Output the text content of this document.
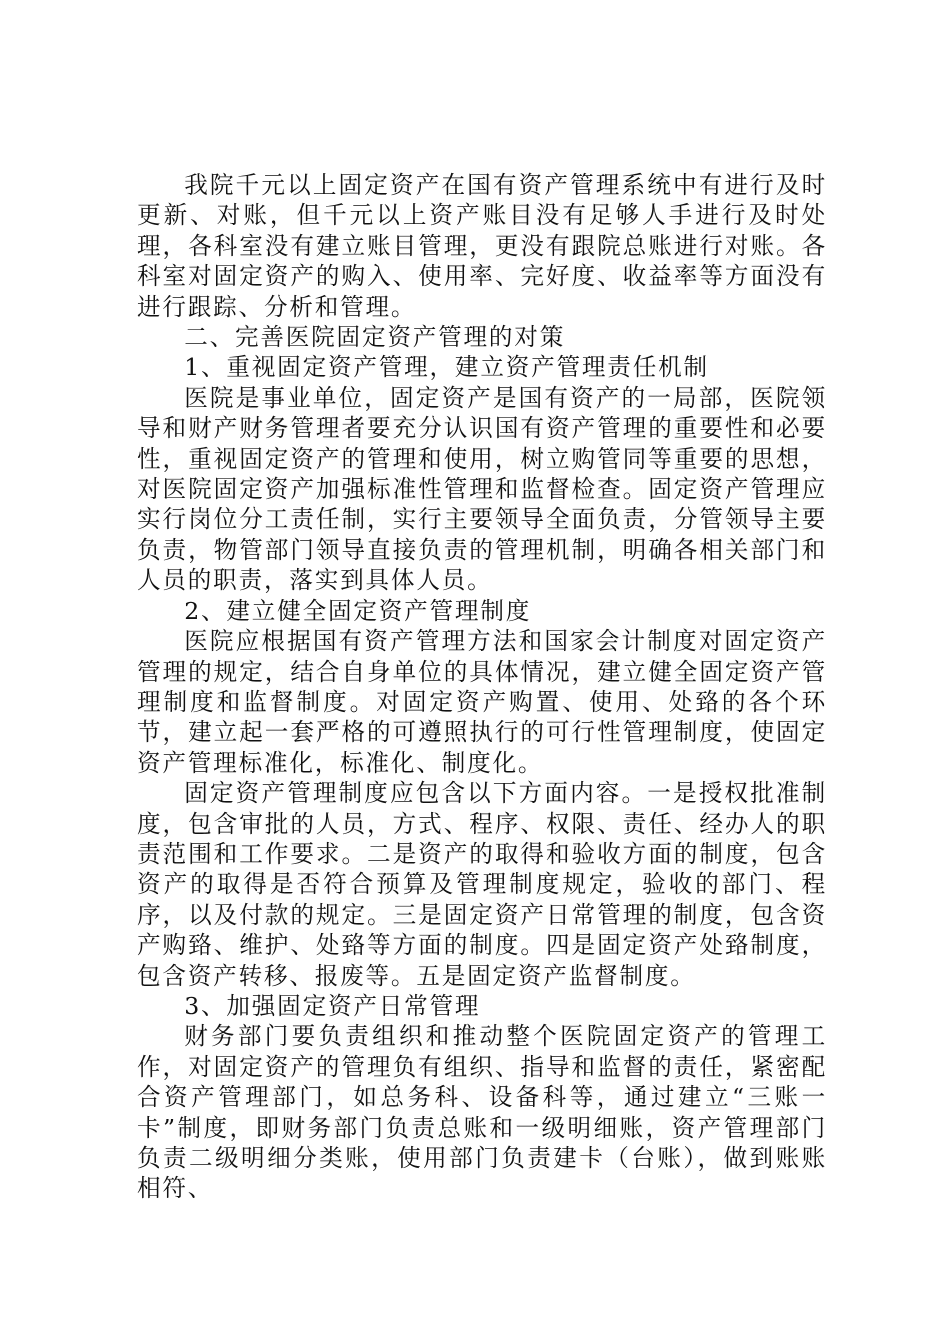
我院千元以上固定资产在国有资产管理系统中有进行及时更新、对账，但千元以上资产账目没有足够人手进行及时处理，各科室没有建立账目管理，更没有跟院总账进行对账。各科室对固定资产的购入、使用率、完好度、收益率等方面没有进行跟踪、分析和管理。

二、完善医院固定资产管理的对策

1、重视固定资产管理，建立资产管理责任机制

医院是事业单位，固定资产是国有资产的一局部，医院领导和财产财务管理者要充分认识国有资产管理的重要性和必要性，重视固定资产的管理和使用，树立购管同等重要的思想，对医院固定资产加强标准性管理和监督检查。固定资产管理应实行岗位分工责任制，实行主要领导全面负责，分管领导主要负责，物管部门领导直接负责的管理机制，明确各相关部门和人员的职责，落实到具体人员。

2、建立健全固定资产管理制度

医院应根据国有资产管理方法和国家会计制度对固定资产管理的规定，结合自身单位的具体情况，建立健全固定资产管理制度和监督制度。对固定资产购置、使用、处臵的各个环节，建立起一套严格的可遵照执行的可行性管理制度，使固定资产管理标准化，标准化、制度化。

固定资产管理制度应包含以下方面内容。一是授权批准制度，包含审批的人员，方式、程序、权限、责任、经办人的职责范围和工作要求。二是资产的取得和验收方面的制度，包含资产的取得是否符合预算及管理制度规定，验收的部门、程序，以及付款的规定。三是固定资产日常管理的制度，包含资产购臵、维护、处臵等方面的制度。四是固定资产处臵制度，包含资产转移、报废等。五是固定资产监督制度。

3、加强固定资产日常管理

财务部门要负责组织和推动整个医院固定资产的管理工作，对固定资产的管理负有组织、指导和监督的责任，紧密配合资产管理部门，如总务科、设备科等，通过建立“三账一卡”制度，即财务部门负责总账和一级明细账，资产管理部门负责二级明细分类账，使用部门负责建卡（台账），做到账账相符、
